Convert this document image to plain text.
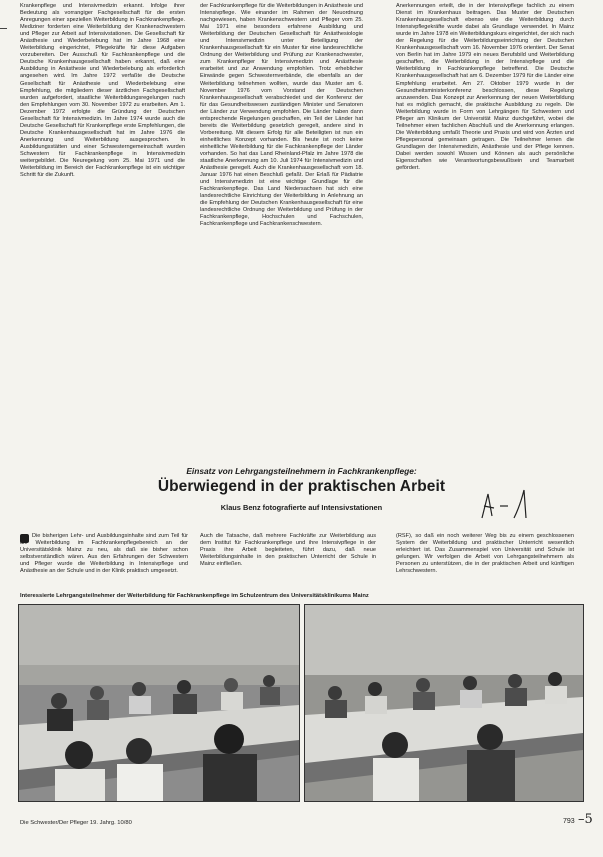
Krankenpflege und Intensivmedizin erkannt. Infolge ihrer Bedeutung als vorrangiger Fachgesellschaft für die ersten Anregungen einer speziellen Weiterbildung in Fachkrankenpflege. Mediziner forderten eine Weiterbildung der Krankenschwestern und Pfleger zur Arbeit auf Intensivstationen. Die Gesellschaft für Anästhesie und Wiederbelebung hat im Jahre 1968 eine Weiterbildung eingerichtet, Pflegekräfte für diese Aufgaben vorzubereiten. Der Ausschuß für Fachkrankenpflege und die Deutsche Krankenhausgesellschaft haben erkannt, daß eine Ausbildung in Anästhesie und Wiederbelebung als erforderlich angesehen wird. Im Jahre 1972 verfaßte die Deutsche Gesellschaft für Anästhesie und Wiederbelebung eine Empfehlung, die mitgliedern dieser ärztlichen Fachgesellschaft wurden aufgefordert, staatliche Weiterbildungsregelungen nach den Empfehlungen vom 30. November 1972 zu erarbeiten. Am 1. Dezember 1972 erfolgte die Gründung der Deutschen Gesellschaft für Intensivmedizin. Im Jahre 1974 wurde auch die Deutsche Gesellschaft für Krankenpflege erste Empfehlungen, die Deutsche Krankenhausgesellschaft hat im Jahre 1976 die Anerkennung und Weiterbildung ausgesprochen. In Ausbildungsstätten und einer Schwesterngemeinschaft wurden Schwestern für Fachkrankenpflege in Intensivmedizin weitergebildet. Die Neuregelung vom 25. Mai 1971 und die Weiterbildung im Bereich der Fachkrankenpflege ist ein wichtiger Schritt für die Zukunft.
der Fachkrankenpflege für die Weiterbildungen in Anästhesie und Intensivpflege. Wie einander im Rahmen der Neuordnung nachgewiesen, haben Krankenschwestern und Pfleger vom 25. Mai 1971 eine besonders erfahrene Ausbildung und Weiterbildung der Deutschen Gesellschaft für Anästhesiologie und Intensivmedizin unter Beteiligung der Krankenhausgesellschaft für ein Muster für eine landesrechtliche Ordnung der Weiterbildung und Prüfung zur Krankenschwester, zum Krankenpfleger für Intensivmedizin und Anästhesie erarbeitet und zur Anwendung empfohlen. Trotz erheblicher Einwände gegen Schwesternverbände, die ebenfalls an der Weiterbildung teilnehmen wollten, wurde das Muster am 6. November 1976 vom Vorstand der Deutschen Krankenhausgesellschaft verabschiedet und der Konferenz der für das Gesundheitswesen zuständigen Minister und Senatoren der Länder zur Verwendung empfohlen. Die Länder haben dann entsprechende Regelungen geschaffen, ein Teil der Länder hat bereits die Weiterbildung gesetzlich geregelt, andere sind in Vorbereitung. Mit diesem Erfolg für alle Beteiligten ist nun ein einheitliches Konzept vorhanden. Bis heute ist noch keine einheitliche Weiterbildung für die Fachkrankenpflege der Länder vorhanden. So hat das Land Rheinland-Pfalz im Jahre 1978 die staatliche Anerkennung am 10. Juli 1974 für Intensivmedizin und Anästhesie geregelt. Auch die Krankenhausgesellschaft vom 18. Januar 1976 hat einen Beschluß gefaßt. Der Erlaß für Pädiatrie und Intensivmedizin ist eine wichtige Grundlage für die Fachkrankenpflege. Das Land Niedersachsen hat sich eine landesrechtliche Einrichtung der Weiterbildung in Anlehnung an die Empfehlung der Deutschen Krankenhausgesellschaft für eine landesrechtliche Ordnung der Weiterbildung und Prüfung in der Fachkrankenpflege, Hochschulen und Fachschulen, Fachkrankenpflege und Fachkrankenschwestern.
Anerkennungen erteilt, die in der Intensivpflege fachlich zu einem Dienst im Krankenhaus beitragen. Das Muster der Deutschen Krankenhausgesellschaft ebenso wie die Weiterbildung durch Intensivpflegekräfte wurde dabei als Grundlage verwendet. In Mainz wurde im Jahre 1978 ein Weiterbildungskurs eingerichtet, der sich nach der Regelung für die Weiterbildungseinrichtung der Deutschen Krankenhausgesellschaft vom 16. November 1976 orientiert. Der Senat von Berlin hat im Jahre 1979 ein neues Berufsbild und Weiterbildung geschaffen, die Weiterbildung in der Intensivpflege und die Weiterbildung in Fachkrankenpflege betreffend. Die Deutsche Krankenhausgesellschaft hat am 6. Dezember 1979 für die Länder eine Empfehlung erarbeitet. Am 27. Oktober 1979 wurde in der Gesundheitsministerkonferenz beschlossen, diese Regelung anzuwenden. Das Konzept zur Anerkennung der neuen Weiterbildung hat es möglich gemacht, die praktische Ausbildung zu regeln. Die Weiterbildung wurde in Form von Lehrgängen für Schwestern und Pfleger am Klinikum der Universität Mainz durchgeführt, wobei die Teilnehmer einen fachlichen Abschluß und die Anerkennung erlangen. Die Weiterbildung umfaßt Theorie und Praxis und wird von Ärzten und Pflegepersonal gemeinsam getragen. Die Teilnehmer lernen die Grundlagen der Intensivmedizin, Anästhesie und der Pflege kennen. Dabei werden sowohl Wissen und Können als auch persönliche Eigenschaften wie Verantwortungsbewußtsein und Teamarbeit gefördert.
Einsatz von Lehrgangsteilnehmern in Fachkrankenpflege:
Überwiegend in der praktischen Arbeit
Klaus Benz fotografierte auf Intensivstationen
Die bisherigen Lehr- und Ausbildungsinhalte sind zum Teil für die Weiterbildung im Fachkrankenpflegebereich an der Universitätsklinik Mainz zu neu, als daß sie bisher schon selbstverständlich wären. Aus den Erfahrungen der Schwestern und Pfleger wurde die Weiterbildung in Intensivpflege und Anästhesie an der Schule und in der Klinik praktisch umgesetzt.
Auch die Tatsache, daß mehrere Fachkräfte zur Weiterbildung aus dem Institut für Fachkrankenpflege und ihre Intensivpflege in der Praxis ihre Arbeit begleiteten, führt dazu, daß neue Weiterbildungsinhalte in den praktischen Unterricht der Schule in Mainz einfließen.
(RSF), so daß ein noch weiterer Weg bis zu einem geschlossenen System der Weiterbildung und praktischer Unterricht wesentlich erleichtert ist. Das Zusammenspiel von Universität und Schule ist gelungen. Wir verfolgen die Arbeit von Lehrgangsteilnehmern als Personen zu unterstützen, die in der praktischen Arbeit und künftigen Lehrschwestern.
Interessierte Lehrgangsteilnehmer der Weiterbildung für Fachkrankenpflege im Schulzentrum des Universitätsklinikums Mainz
Die Schwester/Der Pfleger 19. Jahrg. 10/80	793 –5
